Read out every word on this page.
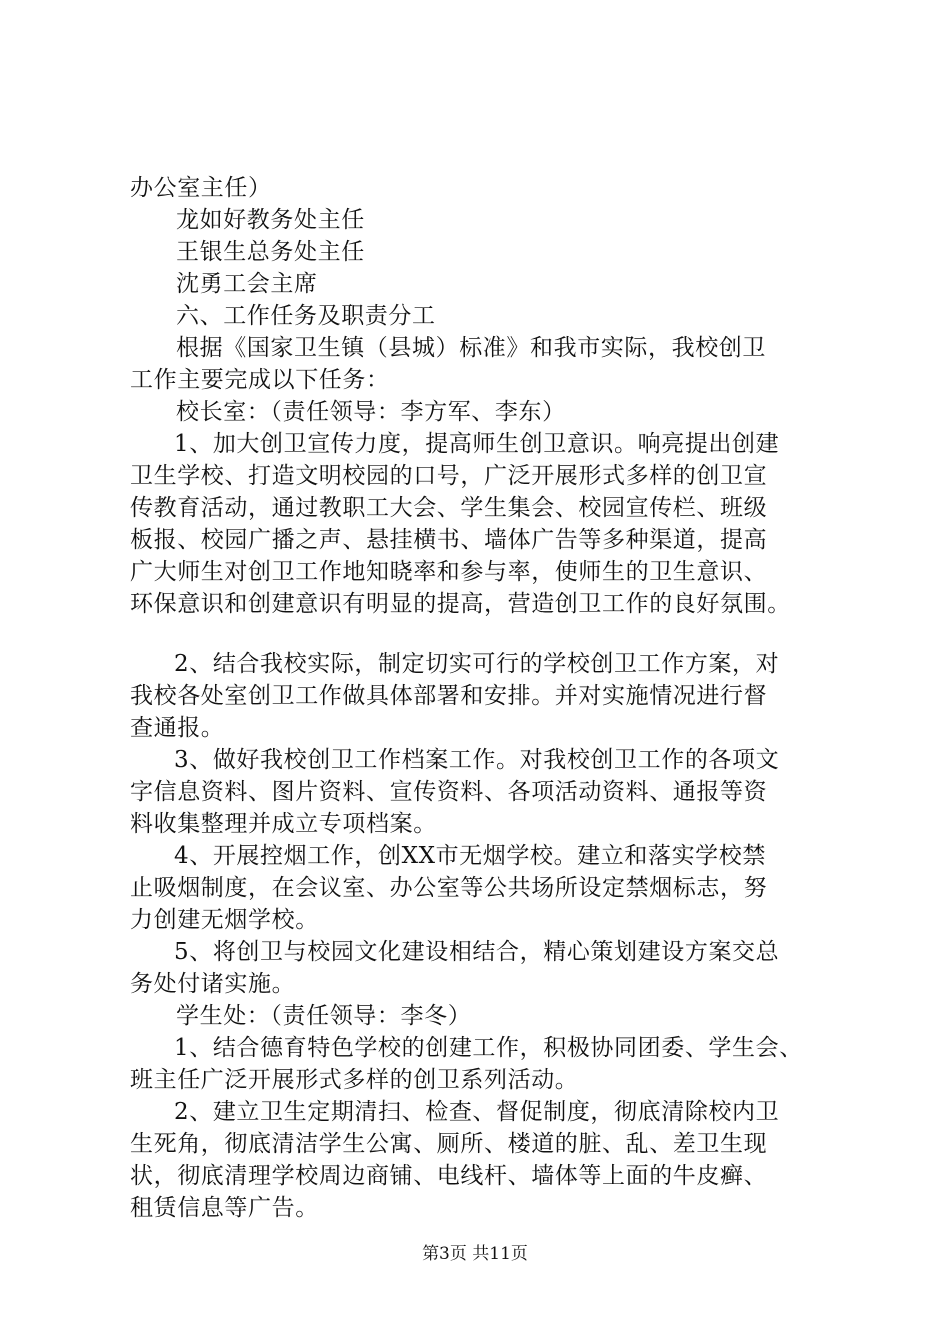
办公室主任）
龙如好教务处主任
王银生总务处主任
沈勇工会主席
六、工作任务及职责分工
根据《国家卫生镇（县城）标准》和我市实际，我校创卫
工作主要完成以下任务：
校长室：（责任领导：李方军、李东）
1、加大创卫宣传力度，提高师生创卫意识。响亮提出创建
卫生学校、打造文明校园的口号，广泛开展形式多样的创卫宣
传教育活动，通过教职工大会、学生集会、校园宣传栏、班级
板报、校园广播之声、悬挂横书、墙体广告等多种渠道，提高
广大师生对创卫工作地知晓率和参与率，使师生的卫生意识、
环保意识和创建意识有明显的提高，营造创卫工作的良好氛围。
2、结合我校实际，制定切实可行的学校创卫工作方案，对
我校各处室创卫工作做具体部署和安排。并对实施情况进行督
查通报。
3、做好我校创卫工作档案工作。对我校创卫工作的各项文
字信息资料、图片资料、宣传资料、各项活动资料、通报等资
料收集整理并成立专项档案。
4、开展控烟工作，创XX市无烟学校。建立和落实学校禁
止吸烟制度，在会议室、办公室等公共场所设定禁烟标志，努
力创建无烟学校。
5、将创卫与校园文化建设相结合，精心策划建设方案交总
务处付诸实施。
学生处：（责任领导：李冬）
1、结合德育特色学校的创建工作，积极协同团委、学生会、
班主任广泛开展形式多样的创卫系列活动。
2、建立卫生定期清扫、检查、督促制度，彻底清除校内卫
生死角，彻底清洁学生公寓、厕所、楼道的脏、乱、差卫生现
状，彻底清理学校周边商铺、电线杆、墙体等上面的牛皮癣、
租赁信息等广告。
第3页 共11页
